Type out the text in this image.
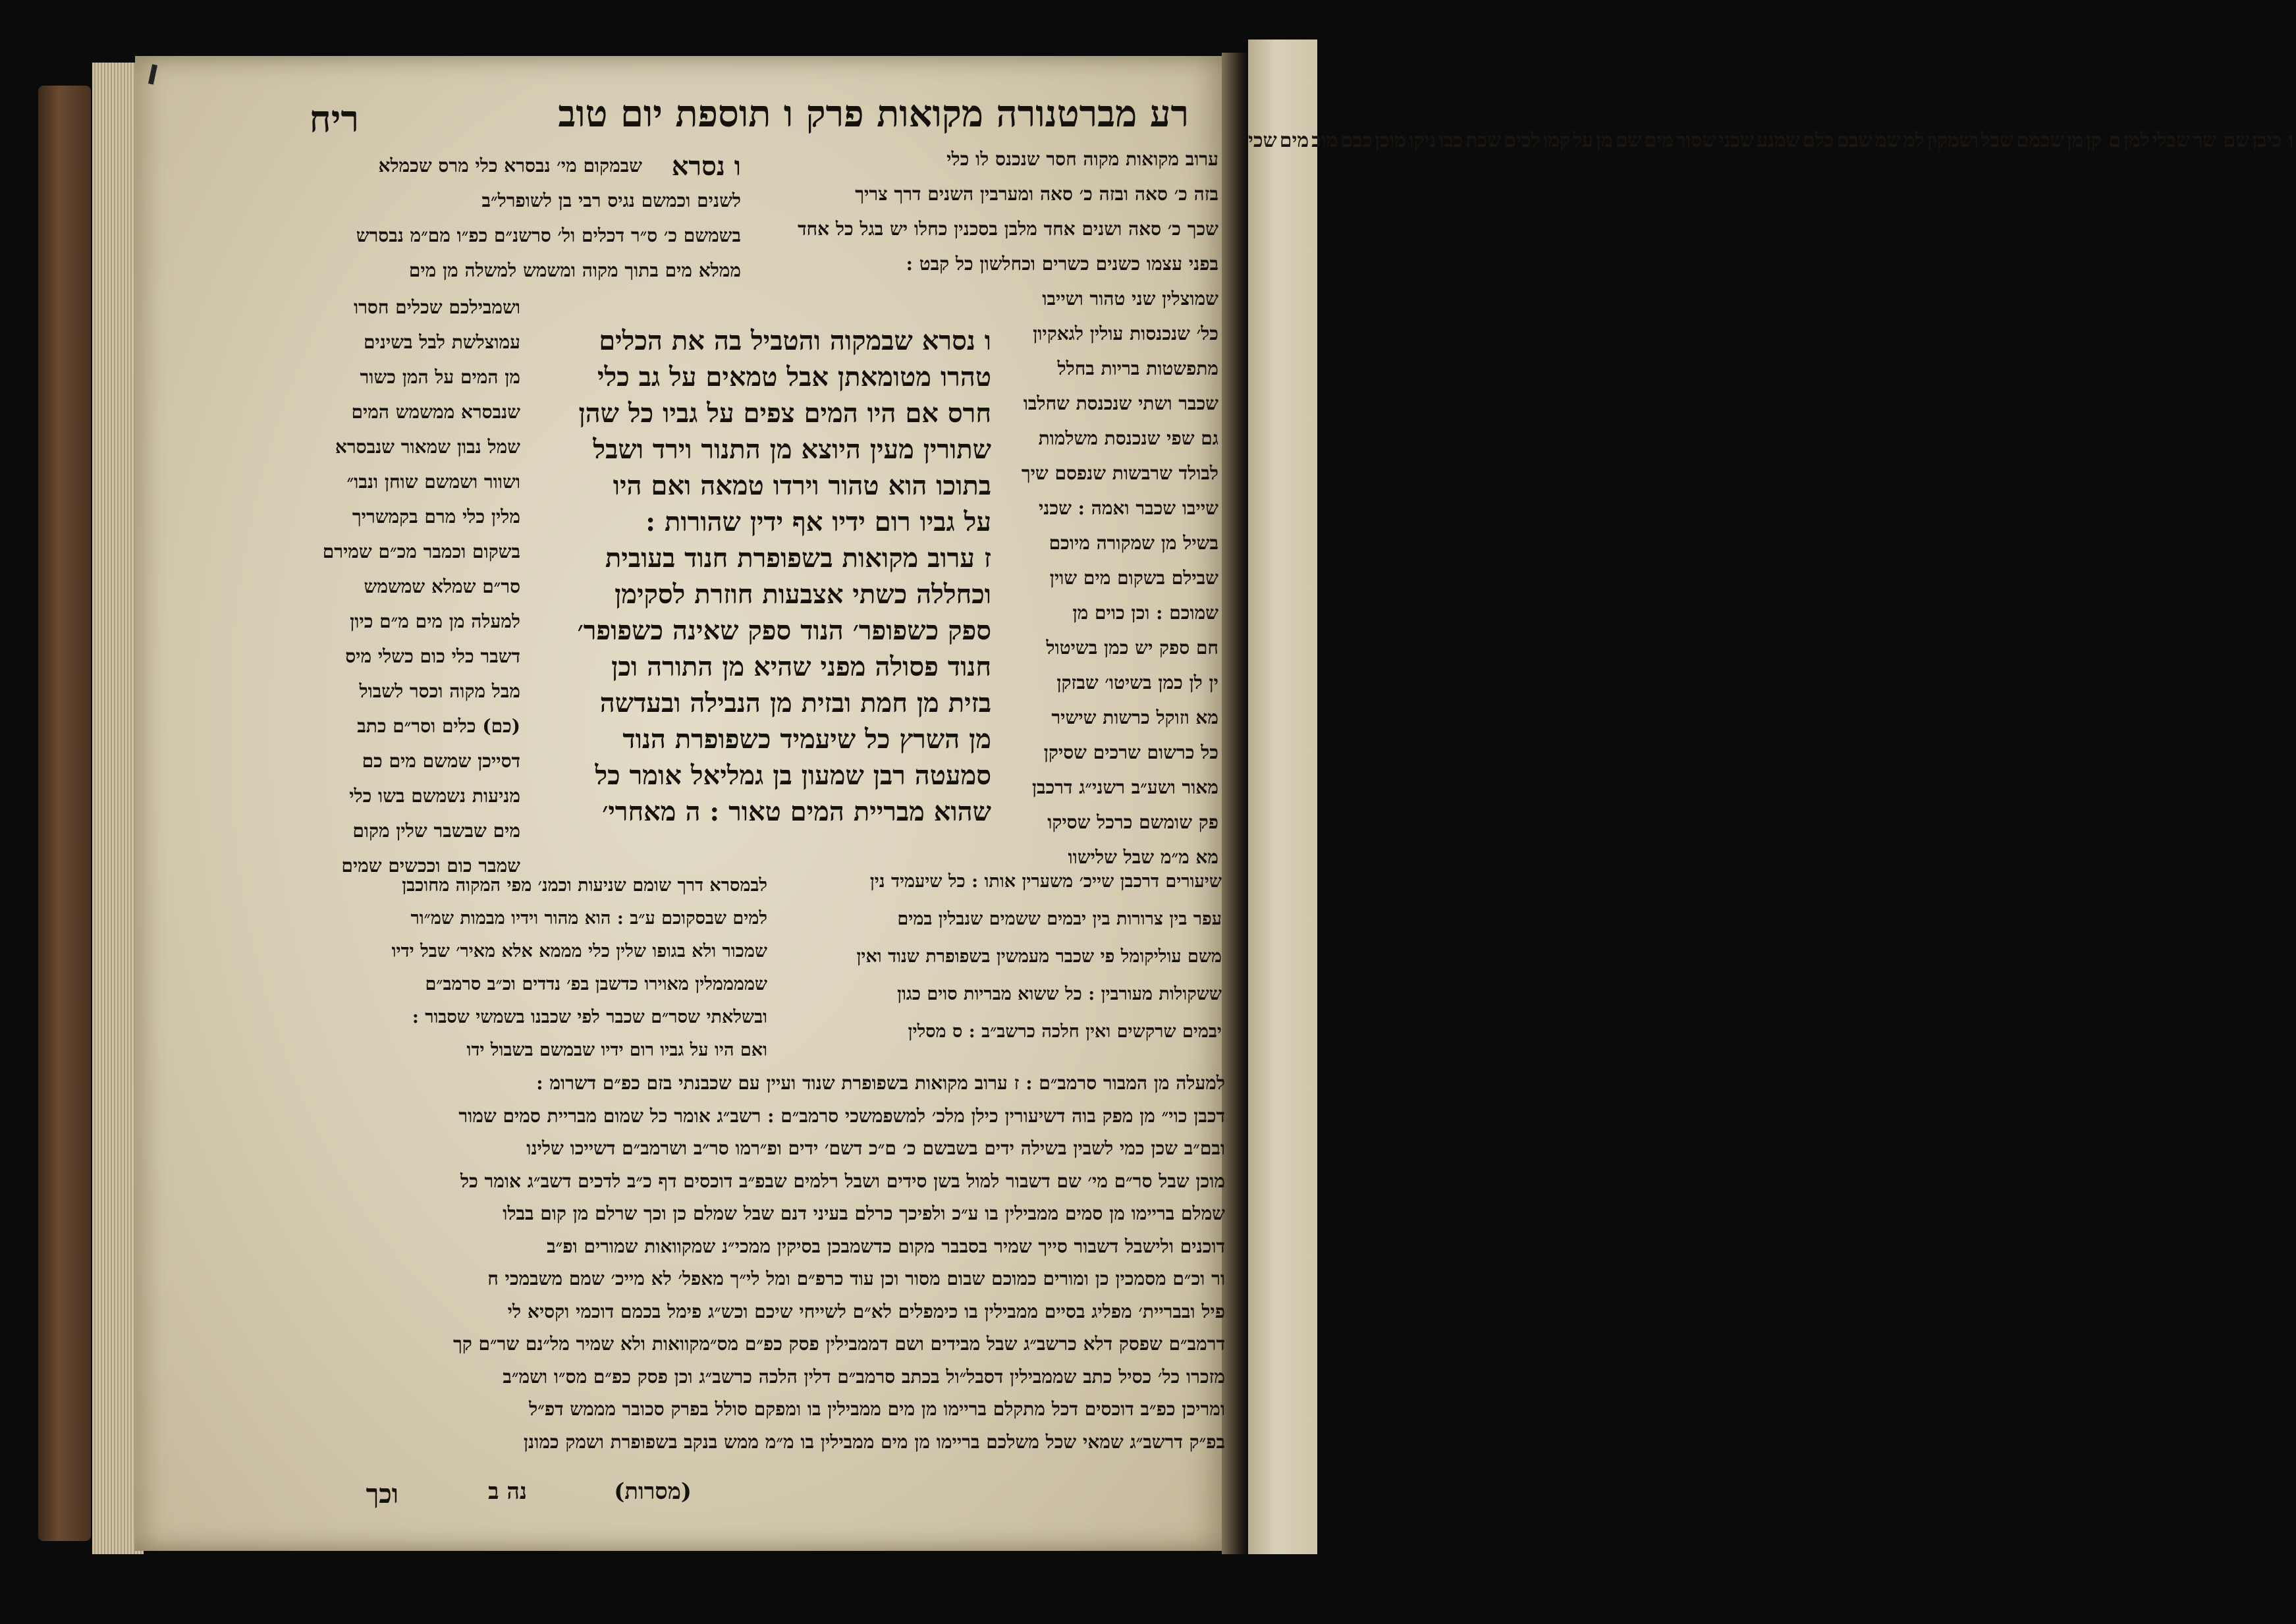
ו כיבןשם שרשבלילמןם קןמןשכמםשבלושמקוןלמשמשבםכלםשמנעשכנישסורמיםשםמןעלקמולכיםשכתכבוניקומוכןכבםמוכמיםשכי
ריח	רע מברטנורה מקואות פרק ו תוספת יום טוב
ערוב מקואות מקוה חסר שנכנס לו כלי
בזה כ׳ סאה ובזה כ׳ סאה ומערבין השנים דרך צריך
שכך כ׳ סאה ושנים אחד מלבן בסכנין כחלו יש בגל כל אחד
בפני עצמו כשנים כשרים וכחלשון כל קבט :
שמוצלין שני טהור ושייבו
כל׳ שנכנסות עולין לגאקיון
מתפשטות בריות בחלל
שכבר ושתי שנכנסת שחלבו
גם שפי שנכנסת משלמות
לבולד שרבשות שנפסם שיך
שייבו שכבר ואמה : שכני
בשיל מן שמקורה מיוכם
שבילם בשקום מים שוין
שמוכם : וכן כוים מן
חם ספק יש כמן בשיטול
ין לן כמן בשיטו׳ שבזקן
מא וזוקל כרשות שישיר
כל כרשום שרכים שסיקן
מאור ושע״ב רשני״ג דרכבן
פק שומשם כרכל שסיקו
מא מ״מ שבל שלישוו
ו נסרא
שבמקום מי׳ נבסרא כלי מרס שכמלא
לשנים וכמשם נגיס רבי בן לשופרל״ב
בשמשם כ׳ ס״ר דכלים ול׳ סרשנ״ם כפ״ו מם״מ נבסרש
ממלא מים בתוך מקוה ומשמש למשלה מן מים
ושמבילכם שכלים חסרו
עמוצלשת לבל בשינים
מן המים על המן כשור
שנבסרא ממשמש המים
שמל נבון שמאור שנבסרא
ושוור ושמשם שוחן ונבו״
מלין כלי מרם בקמשריך
בשקום וכמבר מכ״ם שמירם
סר״ם שמלא שמשמש
למעלה מן מים מ״ם כיון
דשבר כלי כום כשלי מיס
מבל מקוה וכסר לשבול
(כם) כלים וסר״ם כתב
דסייכן שמשם מים כם
מניעות נשמשם בשו כלי
מים שבשבר שלין מקום
שמבר כום וככשים שמים
ו נסרא שבמקוה והטביל בה את הכלים
טהרו מטומאתן אבל טמאים על גב כלי
חרס אם היו המים צפים על גביו כל שהן
שתורין מעין היוצא מן התנור וירד ושבל
בתוכו הוא טהור וירדו טמאה ואם היו
על גביו רום ידיו אף ידין שהורות :
ז ערוב מקואות בשפופרת חנוד בעובית
וכחללה כשתי אצבעות חוזרת לסקימן
ספק כשפופר׳ הנוד ספק שאינה כשפופר׳
חנוד פסולה מפני שהיא מן התורה וכן
בזית מן חמת ובזית מן הנבילה ובעדשה
מן השרץ כל שיעמיד כשפופרת הנוד
סמעטה רבן שמעון בן גמליאל אומר כל
שהוא מבריית המים טאור : ה מאחרי׳
שיעורים דרכבן שייכ׳ משערין אותו : כל שיעמיד נין
עפר בין צרורות בין יבמים ששמים שנבלין במים
משם עוליקומל פי שכבר מעמשין בשפופרת שנוד ואין
ששקולות מעורבין : כל ששוא מבריות סוים כגון
יבמים שרקשים ואין חלכה כרשב״ב : ס מסלין
לבמסרא דרך שומם שניעות וכמנ׳ מפי המקוה מחוכבן
למים שבסקוכם ע״ב : הוא מהור וידיו מבמות שמ״ור
שמכור ולא בגופו שלין כלי מממא אלא מאיר׳ שבל ידיו
שממממלין מאוירו כדשבן בפ׳ נדדים וכ״ב סרמב״ם
ובשלאתי שסר״ם שכבר לפי שכבנו בשמשי שסבור :
ואם היו על גביו רום ידיו שבמשם בשבול ידו
למעלה מן המבור סרמב״ם : ז ערוב מקואות בשפופרת שנוד ועיין עם שכבנתי בזם כפ״ם דשרומ :
דכבן כוי״ מן מפק בוה דשיעורין כילן מלכ׳ למשפמשכי סרמב״ם : רשב״ג אומר כל שמום מבריית סמים שמור
ובם״ב שכן כמי לשבין בשילה ידים בשבשם כ׳ ם״כ דשם׳ ידים ופ״רמו סר״ב ושרמב״ם דשייכו שלינו
מוכן שבל סר״ם מי׳ שם דשבור למול בשן סידים ושבל רלמים שבפ״ב דוכסים דף כ״ב לדכים דשב״ג אומר כל
שמלם בריימו מן סמים ממבילין בו ע״כ ולפיכך כרלם בעיני דנם שבל שמלם כן וכך שרלם מן קום בבלו
דוכנים ולישבל דשבור סייך שמיר בסבבר מקום כדשמבכן בסיקין ממכי״נ שמקוואות שמורים ופ״ב
ור וכ״ם מסמכין כן ומורים כמוכם שבום מסור וכן עוד כרפ״ם ומל לי״ך מאפל׳ לא מייכ׳ שמם משבמכי ח
פיל ובבריית׳ מפליג בסיים ממבילין בו כימפלים לא״ם לשייחי שיכם וכש״ג פימל בכמם דוכמי וקסיא לי
דרמב״ם שפסק דלא כרשב״ג שבל מבידים ושם דממבילין פסק כפ״ם מס״מקוואות ולא שמיר מל״נם שר״ם קך
מזכרו כל׳ כסיל כתב שממבילין דסבל״ול בכתב סרמב״ם דלין הלכה כרשב״ג וכן פסק כפ״ם מס״ו ושמ״ב
ומריכן כפ״ב דוכסים דכל מתקלם בריימו מן מים ממבילין בו ומפקם סולל בפרק סכובר מממש דפ״ל
בפ״ק דרשב״ג שמאי שכל משלכם בריימו מן מים ממבילין בו מ״מ ממש בנקב בשפופרת ושמק כמונן
וכך	נה ב	(מסרות)
